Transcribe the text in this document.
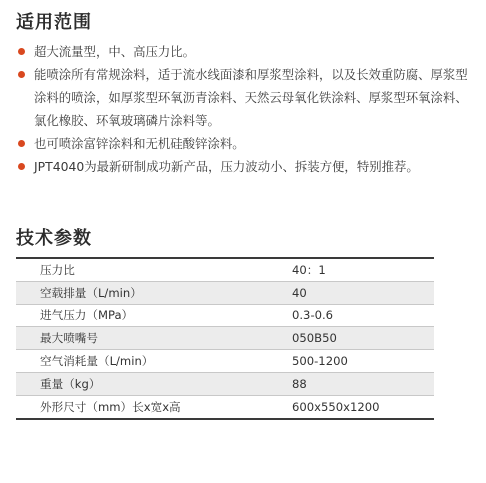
适用范围
超大流量型，中、高压力比。
能喷涂所有常规涂料，适于流水线面漆和厚浆型涂料，以及长效重防腐、厚浆型涂料的喷涂，如厚浆型环氧沥青涂料、天然云母氧化铁涂料、厚浆型环氧涂料、氯化橡胶、环氧玻璃磷片涂料等。
也可喷涂富锌涂料和无机硅酸锌涂料。
JPT4040为最新研制成功新产品，压力波动小、拆装方便，特别推荐。
技术参数
压力比	40：1
空载排量（L/min）	40
进气压力（MPa）	0.3-0.6
最大喷嘴号	050B50
空气消耗量（L/min）	500-1200
重量（kg）	88
外形尺寸（mm）长x宽x高	600x550x1200
